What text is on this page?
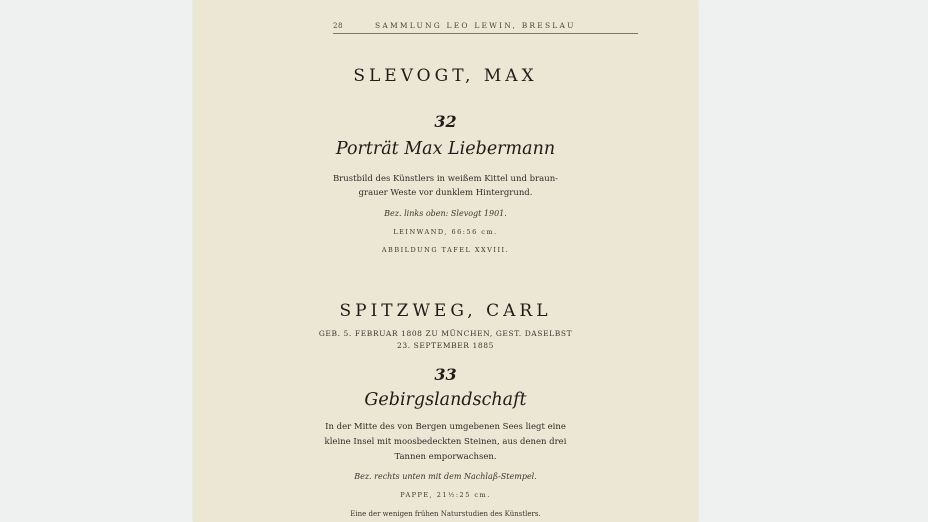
28	SAMMLUNG LEO LEWIN, BRESLAU
SLEVOGT, MAX
32
Porträt Max Liebermann
Brustbild des Künstlers in weißem Kittel und braun-
grauer Weste vor dunklem Hintergrund.
Bez. links oben: Slevogt 1901.
LEINWAND, 66:56 cm.
ABBILDUNG TAFEL XXVIII.
SPITZWEG, CARL
GEB. 5. FEBRUAR 1808 ZU MÜNCHEN, GEST. DASELBST
23. SEPTEMBER 1885
33
Gebirgslandschaft
In der Mitte des von Bergen umgebenen Sees liegt eine
kleine Insel mit moosbedeckten Steinen, aus denen drei
Tannen emporwachsen.
Bez. rechts unten mit dem Nachlaß-Stempel.
PAPPE, 21½:25 cm.
Eine der wenigen frühen Naturstudien des Künstlers.
